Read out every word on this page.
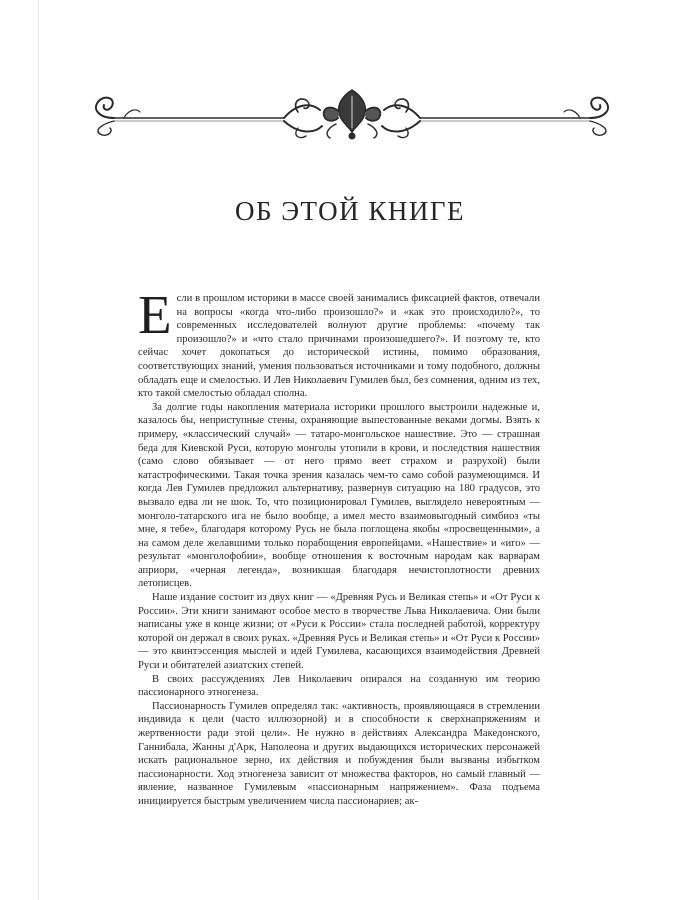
ОБ ЭТОЙ КНИГЕ

Если в прошлом историки в массе своей занимались фиксацией фактов, отвечали на вопросы «когда что-либо произошло?» и «как это происходило?», то современных исследователей волнуют другие проблемы: «почему так произошло?» и «что стало причинами произошедшего?». И поэтому те, кто сейчас хочет докопаться до исторической истины, помимо образования, соответствующих знаний, умения пользоваться источниками и тому подобного, должны обладать еще и смелостью. И Лев Николаевич Гумилев был, без сомнения, одним из тех, кто такой смелостью обладал сполна.

За долгие годы накопления материала историки прошлого выстроили надежные и, казалось бы, неприступные стены, охраняющие выпестованные веками догмы. Взять к примеру, «классический случай» — татаро-монгольское нашествие. Это — страшная беда для Киевской Руси, которую монголы утопили в крови, и последствия нашествия (само слово обязывает — от него прямо веет страхом и разрухой) были катастрофическими. Такая точка зрения казалась чем-то само собой разумеющимся. И когда Лев Гумилев предложил альтернативу, развернув ситуацию на 180 градусов, это вызвало едва ли не шок. То, что позиционировал Гумилев, выглядело невероятным — монголо-татарского ига не было вообще, а имел место взаимовыгодный симбиоз «ты мне, я тебе», благодаря которому Русь не была поглощена якобы «просвещенными», а на самом деле желавшими только порабощения европейцами. «Нашествие» и «иго» — результат «монголофобии», вообще отношения к восточным народам как варварам априори, «черная легенда», возникшая благодаря нечистоплотности древних летописцев.

Наше издание состоит из двух книг — «Древняя Русь и Великая степь» и «От Руси к России». Эти книги занимают особое место в творчестве Льва Николаевича. Они были написаны уже в конце жизни; от «Руси к России» стала последней работой, корректуру которой он держал в своих руках. «Древняя Русь и Великая степь» и «От Руси к России» — это квинтэссенция мыслей и идей Гумилева, касающихся взаимодействия Древней Руси и обитателей азиатских степей.

В своих рассуждениях Лев Николаевич опирался на созданную им теорию пассионарного этногенеза.

Пассионарность Гумилев определял так: «активность, проявляющаяся в стремлении индивида к цели (часто иллюзорной) и в способности к сверхнапряжениям и жертвенности ради этой цели». Не нужно в действиях Александра Македонского, Ганнибала, Жанны д'Арк, Наполеона и других выдающихся исторических персонажей искать рациональное зерно, их действия и побуждения были вызваны избытком пассионарности. Ход этногенеза зависит от множества факторов, но самый главный — явление, названное Гумилевым «пассионарным напряжением». Фаза подъема инициируется быстрым увеличением числа пассионариев; ак-
